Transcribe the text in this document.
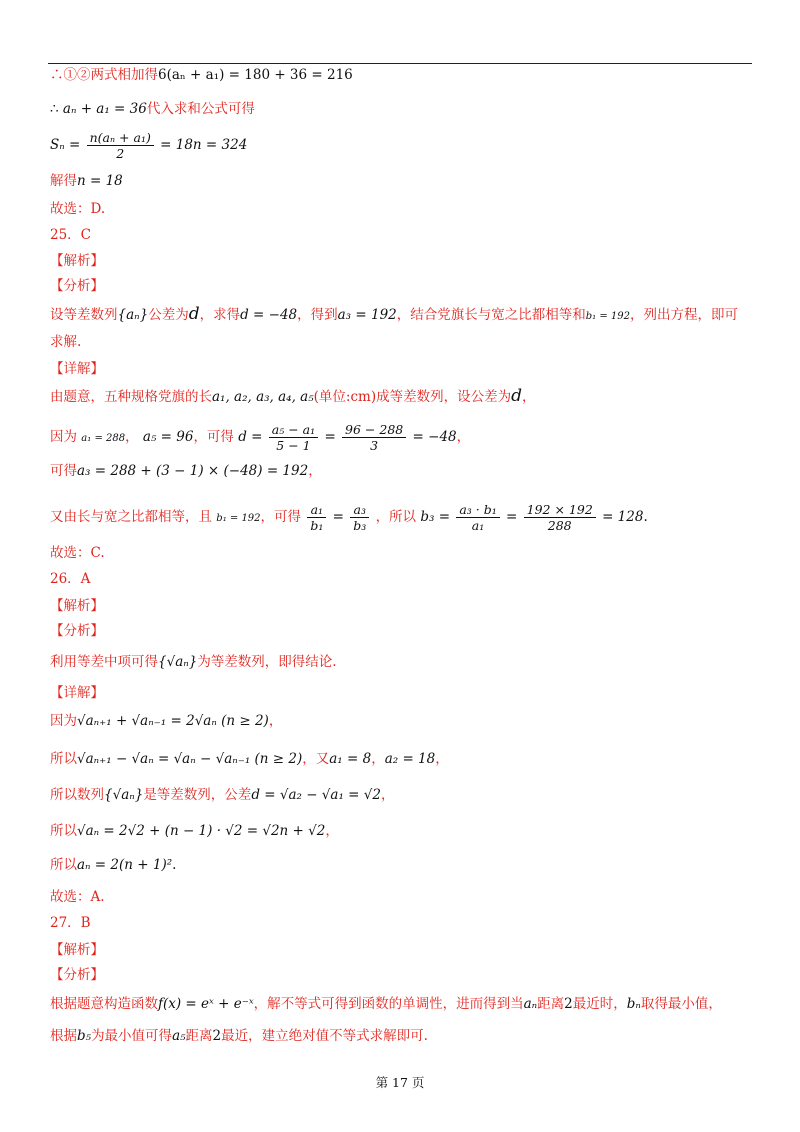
∴①②两式相加得6(aₙ + a₁) = 180 + 36 = 216
∴ aₙ + a₁ = 36代入求和公式可得
$S_n = \frac{\text{n(aₙ + a₁)}}{2} = 18n = 324$
解得n = 18
故选：D.
25．C
【解析】
【分析】
设等差数列{aₙ}公差为d，求得d = −48，得到a₃ = 192，结合党旗长与宽之比都相等和b₁ = 192，列出方程，即可
求解.
【详解】
由题意，五种规格党旗的长a₁, a₂, a₃, a₄, a₅(单位:cm)成等差数列，设公差为d，
因为 a₁ = 288， a₅ = 96，可得 $d = \frac{\text{a₅ − a₁}}{5 - 1} = \frac{96 - 288}{3} = -48$，
可得a₃ = 288 + (3 − 1) × (−48) = 192，
又由长与宽之比都相等，且 b₁ = 192，可得 $\frac{\text{a₁}}{\text{b₁}} = \frac{\text{a₃}}{\text{b₃}}$ ，所以 $b_3 = \frac{\text{a₃ · b₁}}{\text{a₁}} = \frac{192 \times 192}{288} = 128$.
故选：C.
26．A
【解析】
【分析】
利用等差中项可得{√aₙ}为等差数列，即得结论.
【详解】
因为√aₙ₊₁ + √aₙ₋₁ = 2√aₙ (n ≥ 2)，
所以√aₙ₊₁ − √aₙ = √aₙ − √aₙ₋₁ (n ≥ 2)，又a₁ = 8，a₂ = 18，
所以数列{√aₙ}是等差数列，公差d = √a₂ − √a₁ = √2，
所以√aₙ = 2√2 + (n − 1) · √2 = √2n + √2，
所以aₙ = 2(n + 1)².
故选：A.
27．B
【解析】
【分析】
根据题意构造函数f(x) = eˣ + e⁻ˣ，解不等式可得到函数的单调性，进而得到当aₙ距离2最近时，bₙ取得最小值，
根据b₅为最小值可得a₅距离2最近，建立绝对值不等式求解即可.
第 17 页
